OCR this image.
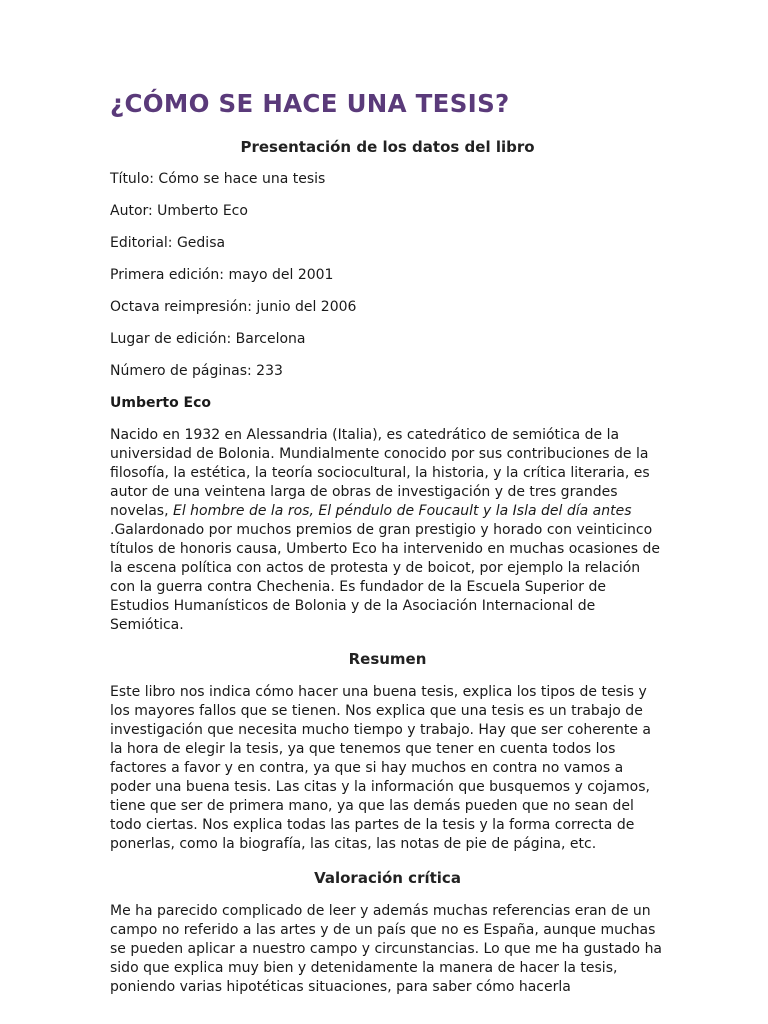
¿CÓMO SE HACE UNA TESIS?
Presentación de los datos del libro

Título: Cómo se hace una tesis

Autor: Umberto Eco

Editorial: Gedisa

Primera edición: mayo del 2001

Octava reimpresión: junio del 2006

Lugar de edición: Barcelona

Número de páginas: 233

Umberto Eco

Nacido en 1932 en Alessandria (Italia), es catedrático de semiótica de la universidad de Bolonia. Mundialmente conocido por sus contribuciones de la filosofía, la estética, la teoría sociocultural, la historia, y la crítica literaria, es autor de una veintena larga de obras de investigación y de tres grandes novelas, El hombre de la ros, El péndulo de Foucault y la Isla del día antes .Galardonado por muchos premios de gran prestigio y horado con veinticinco títulos de honoris causa, Umberto Eco ha intervenido en muchas ocasiones de la escena política con actos de protesta y de boicot, por ejemplo la relación con la guerra contra Chechenia. Es fundador de la Escuela Superior de Estudios Humanísticos de Bolonia y de la Asociación Internacional de Semiótica.

Resumen

Este libro nos indica cómo hacer una buena tesis, explica los tipos de tesis y los mayores fallos que se tienen. Nos explica que una tesis es un trabajo de investigación que necesita mucho tiempo y trabajo. Hay que ser coherente a la hora de elegir la tesis, ya que tenemos que tener en cuenta todos los factores a favor y en contra, ya que si hay muchos en contra no vamos a poder una buena tesis. Las citas y la información que busquemos y cojamos, tiene que ser de primera mano, ya que las demás pueden que no sean del todo ciertas. Nos explica todas las partes de la tesis y la forma correcta de ponerlas, como la biografía, las citas, las notas de pie de página, etc.

Valoración crítica

Me ha parecido complicado de leer y además muchas referencias eran de un campo no referido a las artes y de un país que no es España, aunque muchas se pueden aplicar a nuestro campo y circunstancias. Lo que me ha gustado ha sido que explica muy bien y detenidamente la manera de hacer la tesis, poniendo varias hipotéticas situaciones, para saber cómo hacerla
